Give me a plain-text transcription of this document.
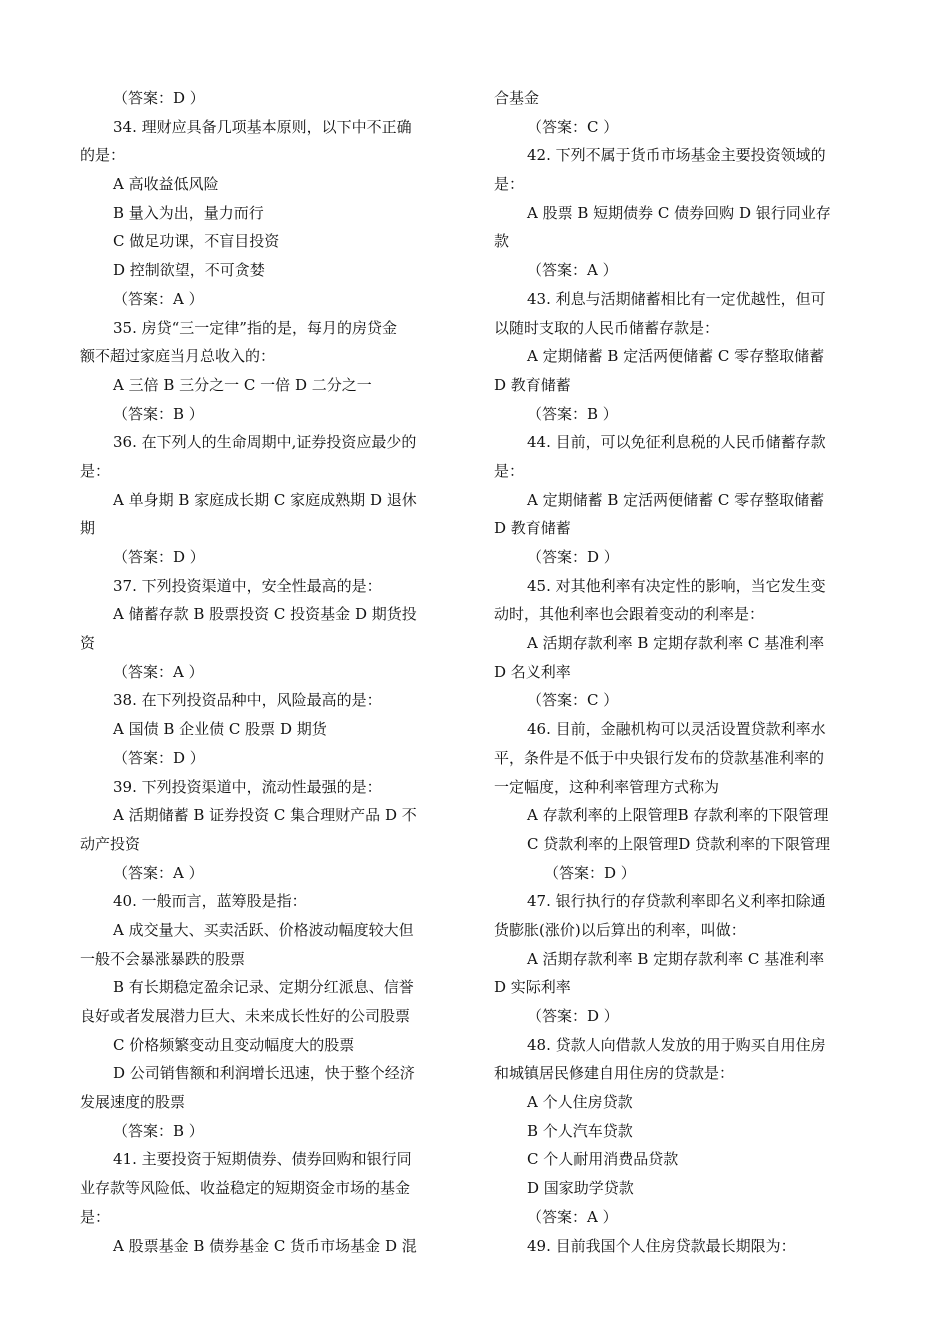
（答案：D ）
34. 理财应具备几项基本原则，以下中不正确
的是：
A 高收益低风险
B 量入为出，量力而行
C 做足功课，不盲目投资
D 控制欲望，不可贪婪
（答案：A ）
35. 房贷“三一定律”指的是，每月的房贷金
额不超过家庭当月总收入的：
A 三倍 B 三分之一 C 一倍 D 二分之一
（答案：B ）
36. 在下列人的生命周期中,证券投资应最少的
是：
A 单身期 B 家庭成长期 C 家庭成熟期 D 退休
期
（答案：D ）
37. 下列投资渠道中，安全性最高的是：
A 储蓄存款 B 股票投资 C 投资基金 D 期货投
资
（答案：A ）
38. 在下列投资品种中，风险最高的是：
A 国债 B 企业债 C 股票 D 期货
（答案：D ）
39. 下列投资渠道中，流动性最强的是：
A 活期储蓄 B 证券投资 C 集合理财产品 D 不
动产投资
（答案：A ）
40. 一般而言，蓝筹股是指：
A 成交量大、买卖活跃、价格波动幅度较大但
一般不会暴涨暴跌的股票
B 有长期稳定盈余记录、定期分红派息、信誉
良好或者发展潜力巨大、未来成长性好的公司股票
C 价格频繁变动且变动幅度大的股票
D 公司销售额和利润增长迅速，快于整个经济
发展速度的股票
（答案：B ）
41. 主要投资于短期债券、债券回购和银行同
业存款等风险低、收益稳定的短期资金市场的基金
是：
A 股票基金 B 债券基金 C 货币市场基金 D 混
合基金
（答案：C ）
42. 下列不属于货币市场基金主要投资领域的
是：
A 股票 B 短期债券 C 债券回购 D 银行同业存
款
（答案：A ）
43. 利息与活期储蓄相比有一定优越性，但可
以随时支取的人民币储蓄存款是：
A 定期储蓄 B 定活两便储蓄 C 零存整取储蓄
D 教育储蓄
（答案：B ）
44. 目前，可以免征利息税的人民币储蓄存款
是：
A 定期储蓄 B 定活两便储蓄 C 零存整取储蓄
D 教育储蓄
（答案：D ）
45. 对其他利率有决定性的影响，当它发生变
动时，其他利率也会跟着变动的利率是：
A 活期存款利率 B 定期存款利率 C 基准利率
D 名义利率
（答案：C ）
46. 目前，金融机构可以灵活设置贷款利率水
平，条件是不低于中央银行发布的贷款基准利率的
一定幅度，这种利率管理方式称为
A 存款利率的上限管理B 存款利率的下限管理
C 贷款利率的上限管理D 贷款利率的下限管理
（答案：D ）
47. 银行执行的存贷款利率即名义利率扣除通
货膨胀(涨价)以后算出的利率，叫做：
A 活期存款利率 B 定期存款利率 C 基准利率
D 实际利率
（答案：D ）
48. 贷款人向借款人发放的用于购买自用住房
和城镇居民修建自用住房的贷款是：
A 个人住房贷款
B 个人汽车贷款
C 个人耐用消费品贷款
D 国家助学贷款
（答案：A ）
49. 目前我国个人住房贷款最长期限为：
